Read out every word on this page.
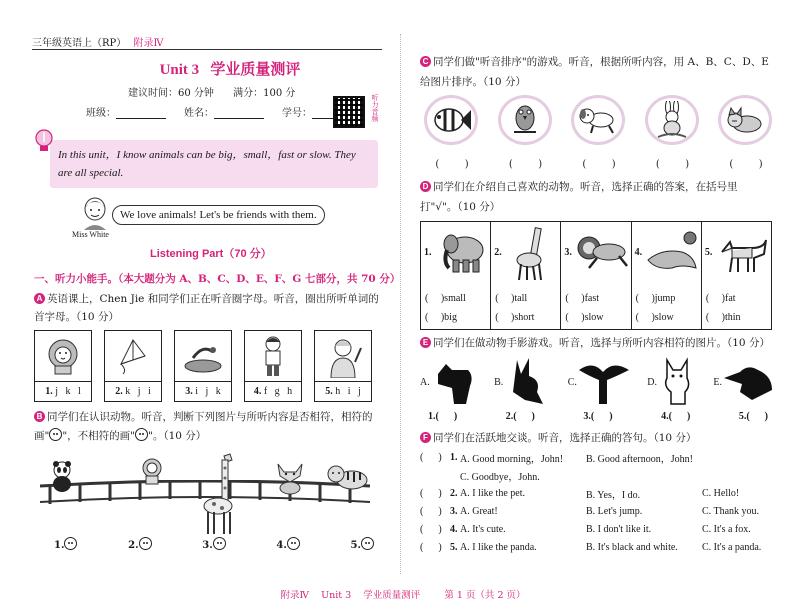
三年级英语上（RP） 附录Ⅳ
Unit 3 学业质量测评
建议时间：60 分钟 满分：100 分
班级：	姓名：	学号：	听力音频
In this unit，I know animals can be big，small，fast or slow. They are all special.
Miss White
We love animals! Let's be friends with them.
Listening Part（70 分）
一、听力小能手。（本大题分为 A、B、C、D、E、F、G 七部分，共 70 分）
A 英语课上，Chen Jie 和同学们正在听音圈字母。听音，圈出所听单词的首字母。（10 分）
1. j   k   l	2. k   j   i	3. i   j   k	4. f   g   h	5. h   i   j
B 同学们在认识动物。听音，判断下列图片与所听内容是否相符，相符的画" "，不相符的画" "。（10 分）
1.	2.	3.	4.	5.
C 同学们做"听音排序"的游戏。听音，根据所听内容，用 A、B、C、D、E 给图片排序。（10 分）
(        )	(        )	(        )	(        )	(        )
D 同学们在介绍自己喜欢的动物。听音，选择正确的答案，在括号里打"√"。（10 分）
1.
(     )small
(     )big
2.
(     )tall
(     )short
3.
(     )fast
(     )slow
4.
(     )jump
(     )slow
5.
(     )fat
(     )thin
E 同学们在做动物手影游戏。听音，选择与所听内容相符的图片。（10 分）
A.	B.	C.	D.	E.
1.(      )	2.(      )	3.(      )	4.(      )	5.(      )
F 同学们在活跃地交谈。听音，选择正确的答句。（10 分）
(      ) 1. A. Good morning，John!	B. Good afternoon，John!
C. Goodbye，John.
(      ) 2. A. I like the pet.	B. Yes，I do.	C. Hello!
(      ) 3. A. Great!	B. Let's jump.	C. Thank you.
(      ) 4. A. It's cute.	B. I don't like it.	C. It's a fox.
(      ) 5. A. I like the panda.	B. It's black and white.	C. It's a panda.

附录Ⅳ    Unit 3    学业质量测评        第 1 页（共 2 页）
